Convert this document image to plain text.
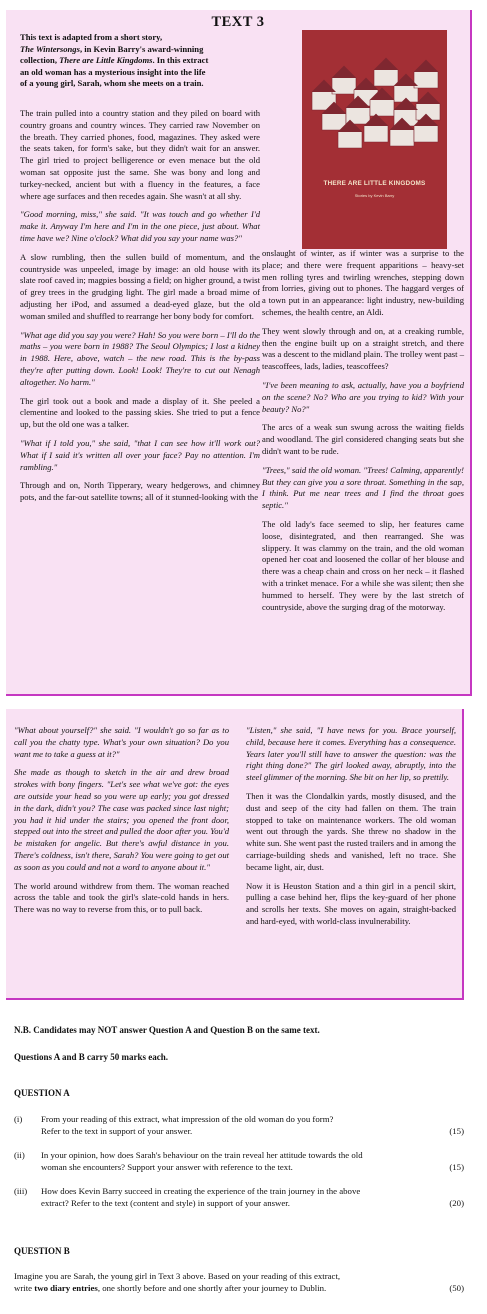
TEXT 3
This text is adapted from a short story,
The Wintersongs, in Kevin Barry's award-winning
collection, There are Little Kingdoms. In this extract
an old woman has a mysterious insight into the life
of a young girl, Sarah, whom she meets on a train.
THERE ARE LITTLE KINGDOMS
Stories by Kevin Barry

The train pulled into a country station and they piled on board with country groans and country winces. They carried raw November on the breath. They carried phones, food, magazines. They asked were the seats taken, for form's sake, but they didn't wait for an answer. The girl tried to project belligerence or even menace but the old woman sat opposite just the same. She was bony and long and turkey-necked, ancient but with a fluency in the features, a face where age surfaces and then recedes again. She wasn't at all shy.

"Good morning, miss," she said. "It was touch and go whether I'd make it. Anyway I'm here and I'm in the one piece, just about. What time have we? Nine o'clock? What did you say your name was?"

A slow rumbling, then the sullen build of momentum, and the countryside was unpeeled, image by image: an old house with its slate roof caved in; magpies bossing a field; on higher ground, a twist of grey trees in the grudging light. The girl made a broad mime of adjusting her iPod, and assumed a dead-eyed glaze, but the old woman smiled and shuffled to rearrange her bony body for comfort.

"What age did you say you were? Hah! So you were born – I'll do the maths – you were born in 1988? The Seoul Olympics; I lost a kidney in 1988. Here, above, watch – the new road. This is the by-pass they're after putting down. Look! Look! They're to cut out Nenagh altogether. No harm."

The girl took out a book and made a display of it. She peeled a clementine and looked to the passing skies. She tried to put a fence up, but the old one was a talker.

"What if I told you," she said, "that I can see how it'll work out? What if I said it's written all over your face? Pay no attention. I'm rambling."

Through and on, North Tipperary, weary hedgerows, and chimney pots, and the far-out satellite towns; all of it stunned-looking with the

onslaught of winter, as if winter was a surprise to the place; and there were frequent apparitions – heavy-set men rolling tyres and twirling wrenches, stepping down from lorries, giving out to phones. The haggard verges of a town put in an appearance: light industry, new-building schemes, the health centre, an Aldi.

They went slowly through and on, at a creaking rumble, then the engine built up on a straight stretch, and there was a descent to the midland plain. The trolley went past – teascoffees, lads, ladies, teascoffees?

"I've been meaning to ask, actually, have you a boyfriend on the scene? No? Who are you trying to kid? With your beauty? No?"

The arcs of a weak sun swung across the waiting fields and woodland. The girl considered changing seats but she didn't want to be rude.

"Trees," said the old woman. "Trees! Calming, apparently! But they can give you a sore throat. Something in the sap, I think. Put me near trees and I find the throat goes septic."

The old lady's face seemed to slip, her features came loose, disintegrated, and then rearranged. She was slippery. It was clammy on the train, and the old woman opened her coat and loosened the collar of her blouse and there was a cheap chain and cross on her neck – it flashed with a trinket menace. For a while she was silent; then she hummed to herself. They were by the last stretch of countryside, above the surging drag of the motorway.

"What about yourself?" she said. "I wouldn't go so far as to call you the chatty type. What's your own situation? Do you want me to take a guess at it?"

She made as though to sketch in the air and drew broad strokes with bony fingers. "Let's see what we've got: the eyes are outside your head so you were up early; you got dressed in the dark, didn't you? The case was packed since last night; you had it hid under the stairs; you opened the front door, stepped out into the street and pulled the door after you. You'd be mistaken for angelic. But there's awful distance in you. There's coldness, isn't there, Sarah? You were going to get out as soon as you could and not a word to anyone about it."

The world around withdrew from them. The woman reached across the table and took the girl's slate-cold hands in hers. There was no way to reverse from this, or to pull back.

"Listen," she said, "I have news for you. Brace yourself, child, because here it comes. Everything has a consequence. Years later you'll still have to answer the question: was the right thing done?" The girl looked away, abruptly, into the steel glimmer of the morning. She bit on her lip, so prettily.

Then it was the Clondalkin yards, mostly disused, and the dust and seep of the city had fallen on them. The train stopped to take on maintenance workers. The old woman went out through the yards. She threw no shadow in the white sun. She went past the rusted trailers and in among the carriage-building sheds and vanished, left no trace. She became light, air, dust.

Now it is Heuston Station and a thin girl in a pencil skirt, pulling a case behind her, flips the key-guard of her phone and scrolls her texts. She moves on again, straight-backed and hard-eyed, with world-class invulnerability.

N.B. Candidates may NOT answer Question A and Question B on the same text.
Questions A and B carry 50 marks each.
QUESTION A
(i) From your reading of this extract, what impression of the old woman do you form?
Refer to the text in support of your answer.	(15)
(ii) In your opinion, how does Sarah's behaviour on the train reveal her attitude towards the old
woman she encounters? Support your answer with reference to the text.	(15)
(iii) How does Kevin Barry succeed in creating the experience of the train journey in the above
extract? Refer to the text (content and style) in support of your answer.	(20)
QUESTION B
Imagine you are Sarah, the young girl in Text 3 above. Based on your reading of this extract,
write two diary entries, one shortly before and one shortly after your journey to Dublin.	(50)
